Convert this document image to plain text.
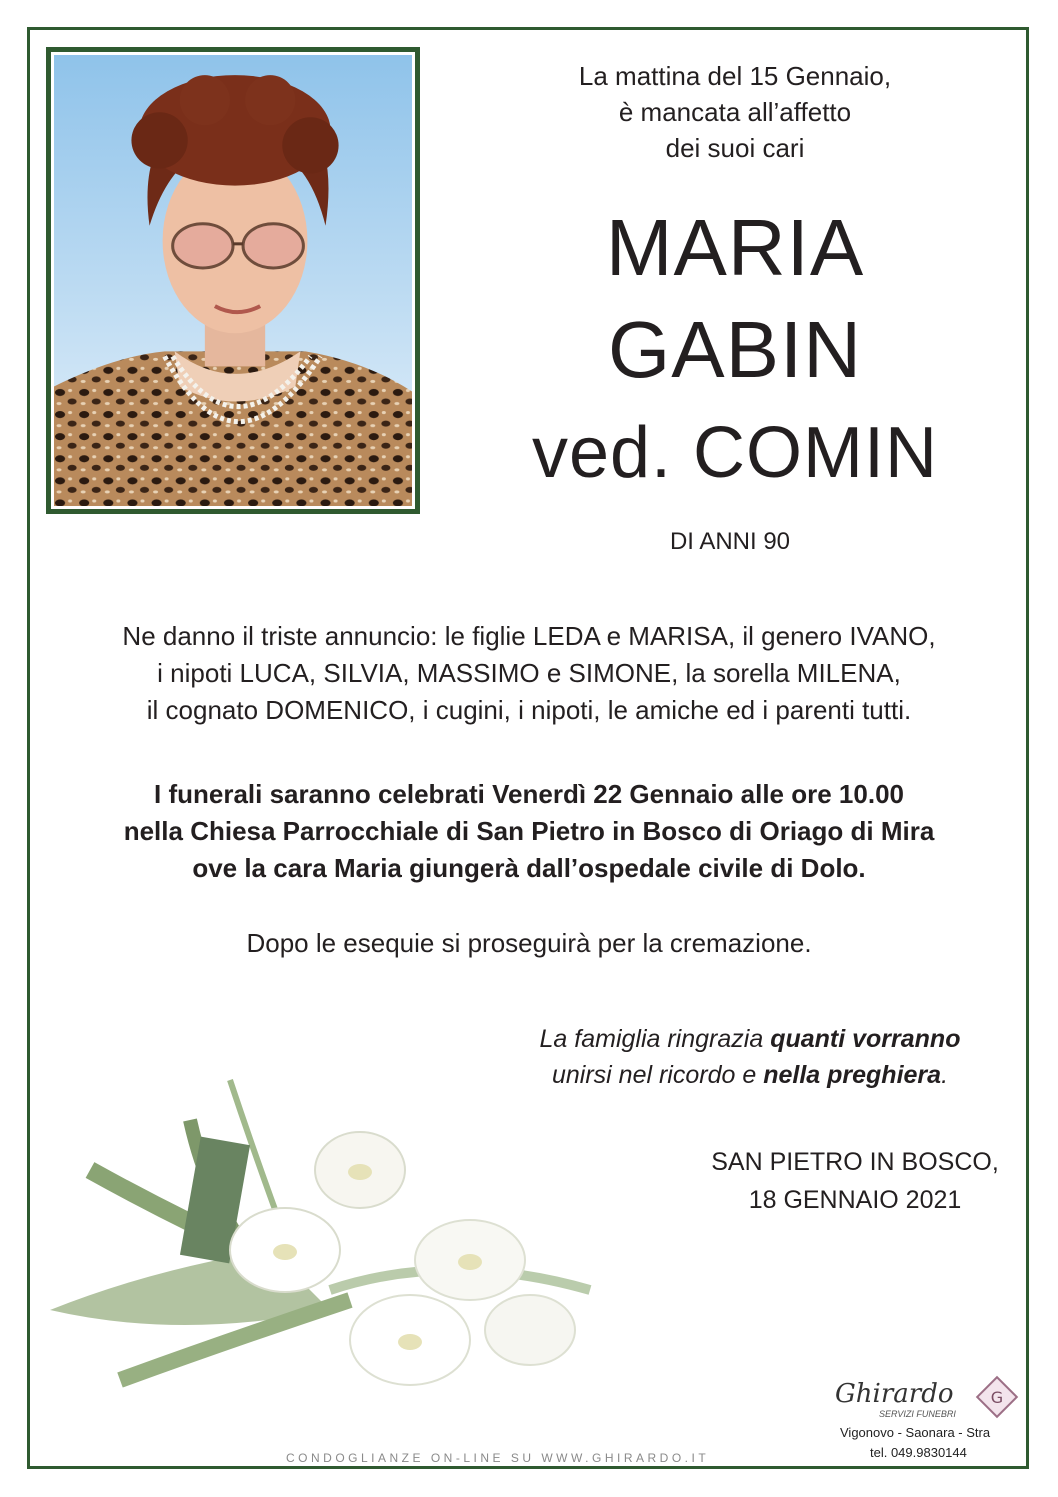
La mattina del 15 Gennaio,
è mancata all’affetto
dei suoi cari
MARIA
GABIN
ved. COMIN
DI ANNI 90
Ne danno il triste annuncio: le figlie LEDA e MARISA, il genero IVANO,
i nipoti LUCA, SILVIA, MASSIMO e SIMONE, la sorella MILENA,
il cognato DOMENICO, i cugini, i nipoti, le amiche ed i parenti tutti.
I funerali saranno celebrati Venerdì 22 Gennaio alle ore 10.00
nella Chiesa Parrocchiale di San Pietro in Bosco di Oriago di Mira
ove la cara Maria giungerà dall’ospedale civile di Dolo.
Dopo le esequie si proseguirà per la cremazione.
La famiglia ringrazia quanti vorranno
unirsi nel ricordo e nella preghiera.
SAN PIETRO IN BOSCO,
18 GENNAIO 2021
CONDOGLIANZE ON-LINE SU WWW.GHIRARDO.IT
Ghirardo
SERVIZI FUNEBRI
G
Vigonovo - Saonara - Stra
tel. 049.9830144
